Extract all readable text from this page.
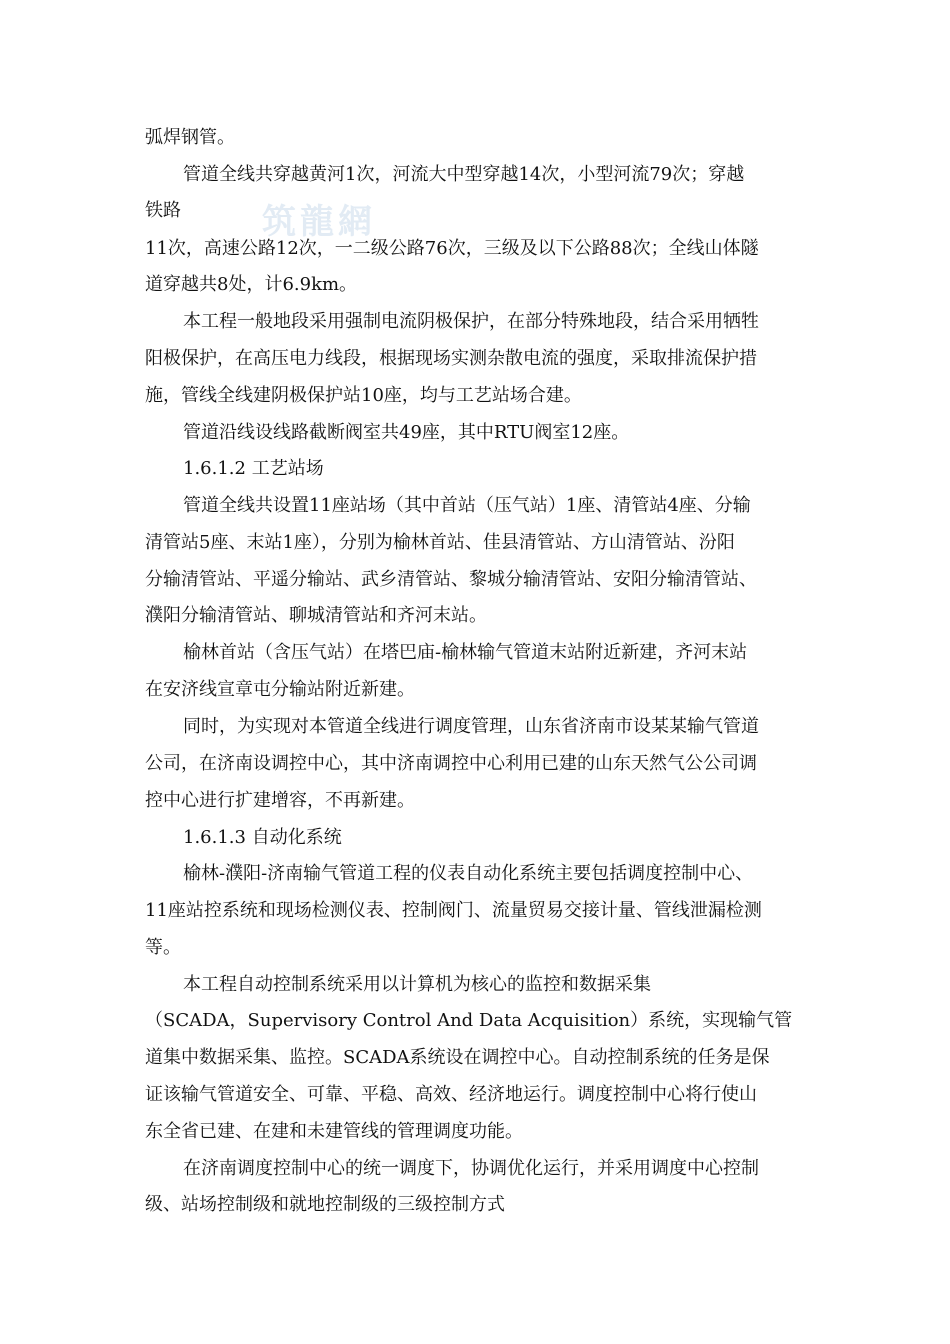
筑龍網
弧焊钢管。
管道全线共穿越黄河1次，河流大中型穿越14次，小型河流79次；穿越
铁路
11次，高速公路12次，一二级公路76次，三级及以下公路88次；全线山体隧
道穿越共8处，计6.9km。
本工程一般地段采用强制电流阴极保护，在部分特殊地段，结合采用牺牲
阳极保护，在高压电力线段，根据现场实测杂散电流的强度，采取排流保护措
施，管线全线建阴极保护站10座，均与工艺站场合建。
管道沿线设线路截断阀室共49座，其中RTU阀室12座。
1.6.1.2 工艺站场
管道全线共设置11座站场（其中首站（压气站）1座、清管站4座、分输
清管站5座、末站1座），分别为榆林首站、佳县清管站、方山清管站、汾阳
分输清管站、平遥分输站、武乡清管站、黎城分输清管站、安阳分输清管站、
濮阳分输清管站、聊城清管站和齐河末站。
榆林首站（含压气站）在塔巴庙-榆林输气管道末站附近新建，齐河末站
在安济线宣章屯分输站附近新建。
同时，为实现对本管道全线进行调度管理，山东省济南市设某某输气管道
公司，在济南设调控中心，其中济南调控中心利用已建的山东天然气公公司调
控中心进行扩建增容，不再新建。
1.6.1.3 自动化系统
榆林-濮阳-济南输气管道工程的仪表自动化系统主要包括调度控制中心、
11座站控系统和现场检测仪表、控制阀门、流量贸易交接计量、管线泄漏检测
等。
本工程自动控制系统采用以计算机为核心的监控和数据采集
（SCADA，Supervisory Control And Data Acquisition）系统，实现输气管
道集中数据采集、监控。SCADA系统设在调控中心。自动控制系统的任务是保
证该输气管道安全、可靠、平稳、高效、经济地运行。调度控制中心将行使山
东全省已建、在建和未建管线的管理调度功能。
在济南调度控制中心的统一调度下，协调优化运行，并采用调度中心控制
级、站场控制级和就地控制级的三级控制方式
